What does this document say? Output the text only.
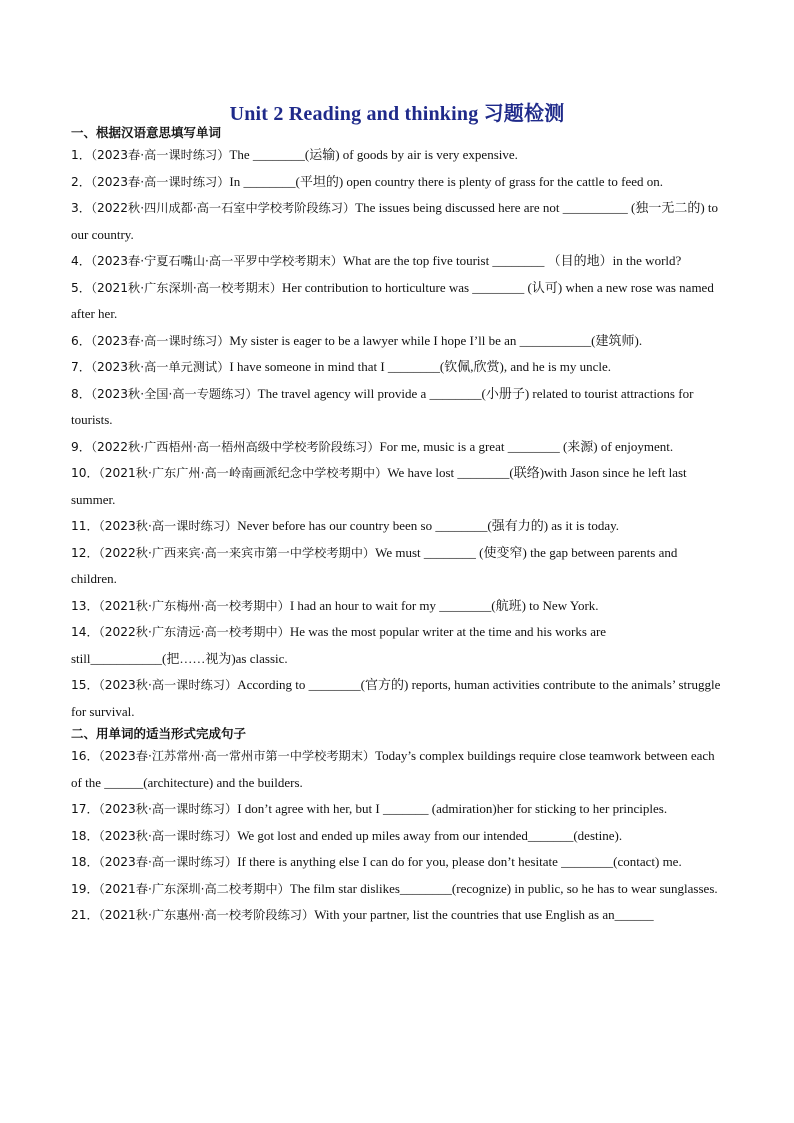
Unit 2 Reading and thinking 习题检测
一、根据汉语意思填写单词
1．（2023春·高一课时练习）The ________(运输) of goods by air is very expensive.
2．（2023春·高一课时练习）In ________(平坦的) open country there is plenty of grass for the cattle to feed on.
3．（2022秋·四川成都·高一石室中学校考阶段练习）The issues being discussed here are not __________ (独一无二的) to our country.
4．（2023春·宁夏石嘴山·高一平罗中学校考期末）What are the top five tourist ________ （目的地）in the world?
5．（2021秋·广东深圳·高一校考期末）Her contribution to horticulture was ________ (认可) when a new rose was named after her.
6．（2023春·高一课时练习）My sister is eager to be a lawyer while I hope I’ll be an ___________(建筑师).
7．（2023秋·高一单元测试）I have someone in mind that I ________(钦佩,欣赏), and he is my uncle.
8．（2023秋·全国·高一专题练习）The travel agency will provide a ________(小册子) related to tourist attractions for tourists.
9．（2022秋·广西梧州·高一梧州高级中学校考阶段练习）For me, music is a great ________ (来源) of enjoyment.
10．（2021秋·广东广州·高一岭南画派纪念中学校考期中）We have lost ________(联络)with Jason since he left last summer.
11．（2023秋·高一课时练习）Never before has our country been so ________(强有力的) as it is today.
12．（2022秋·广西来宾·高一来宾市第一中学校考期中）We must ________ (使变窄) the gap between parents and children.
13．（2021秋·广东梅州·高一校考期中）I had an hour to wait for my ________(航班) to New York.
14．（2022秋·广东清远·高一校考期中）He was the most popular writer at the time and his works are still___________(把……视为)as classic.
15．（2023秋·高一课时练习）According to ________(官方的) reports, human activities contribute to the animals’ struggle for survival.
二、用单词的适当形式完成句子
16．（2023春·江苏常州·高一常州市第一中学校考期末）Today’s complex buildings require close teamwork between each of the ______(architecture) and the builders.
17．（2023秋·高一课时练习）I don’t agree with her, but I _______ (admiration)her for sticking to her principles.
18．（2023秋·高一课时练习）We got lost and ended up miles away from our intended_______(destine).
18．（2023春·高一课时练习）If there is anything else I can do for you, please don’t hesitate ________(contact) me.
19．（2021春·广东深圳·高二校考期中）The film star dislikes________(recognize) in public, so he has to wear sunglasses.
21．（2021秋·广东惠州·高一校考阶段练习）With your partner, list the countries that use English as an______
